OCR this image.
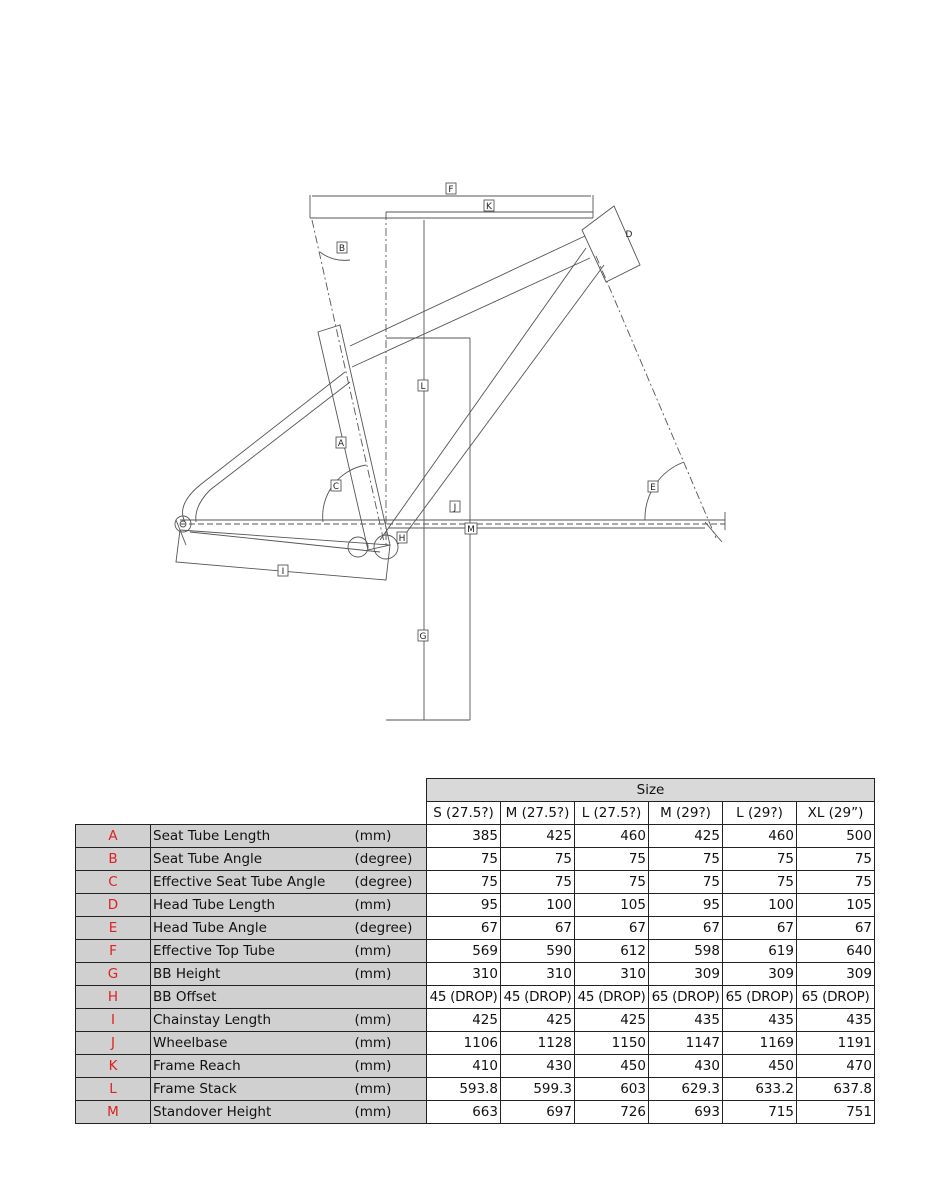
F
K
D
B
L
A
C
J
M
H
I
G
E
			Size					
			S (27.5?)	M (27.5?)	L (27.5?)	M (29?)	L (29?)	XL (29”)
A	Seat Tube Length	(mm)	385	425	460	425	460	500
B	Seat Tube Angle	(degree)	75	75	75	75	75	75
C	Effective Seat Tube Angle	(degree)	75	75	75	75	75	75
D	Head Tube Length	(mm)	95	100	105	95	100	105
E	Head Tube Angle	(degree)	67	67	67	67	67	67
F	Effective Top Tube	(mm)	569	590	612	598	619	640
G	BB Height	(mm)	310	310	310	309	309	309
H	BB Offset		45 (DROP)	45 (DROP)	45 (DROP)	65 (DROP)	65 (DROP)	65 (DROP)
I	Chainstay Length	(mm)	425	425	425	435	435	435
J	Wheelbase	(mm)	1106	1128	1150	1147	1169	1191
K	Frame Reach	(mm)	410	430	450	430	450	470
L	Frame Stack	(mm)	593.8	599.3	603	629.3	633.2	637.8
M	Standover Height	(mm)	663	697	726	693	715	751
